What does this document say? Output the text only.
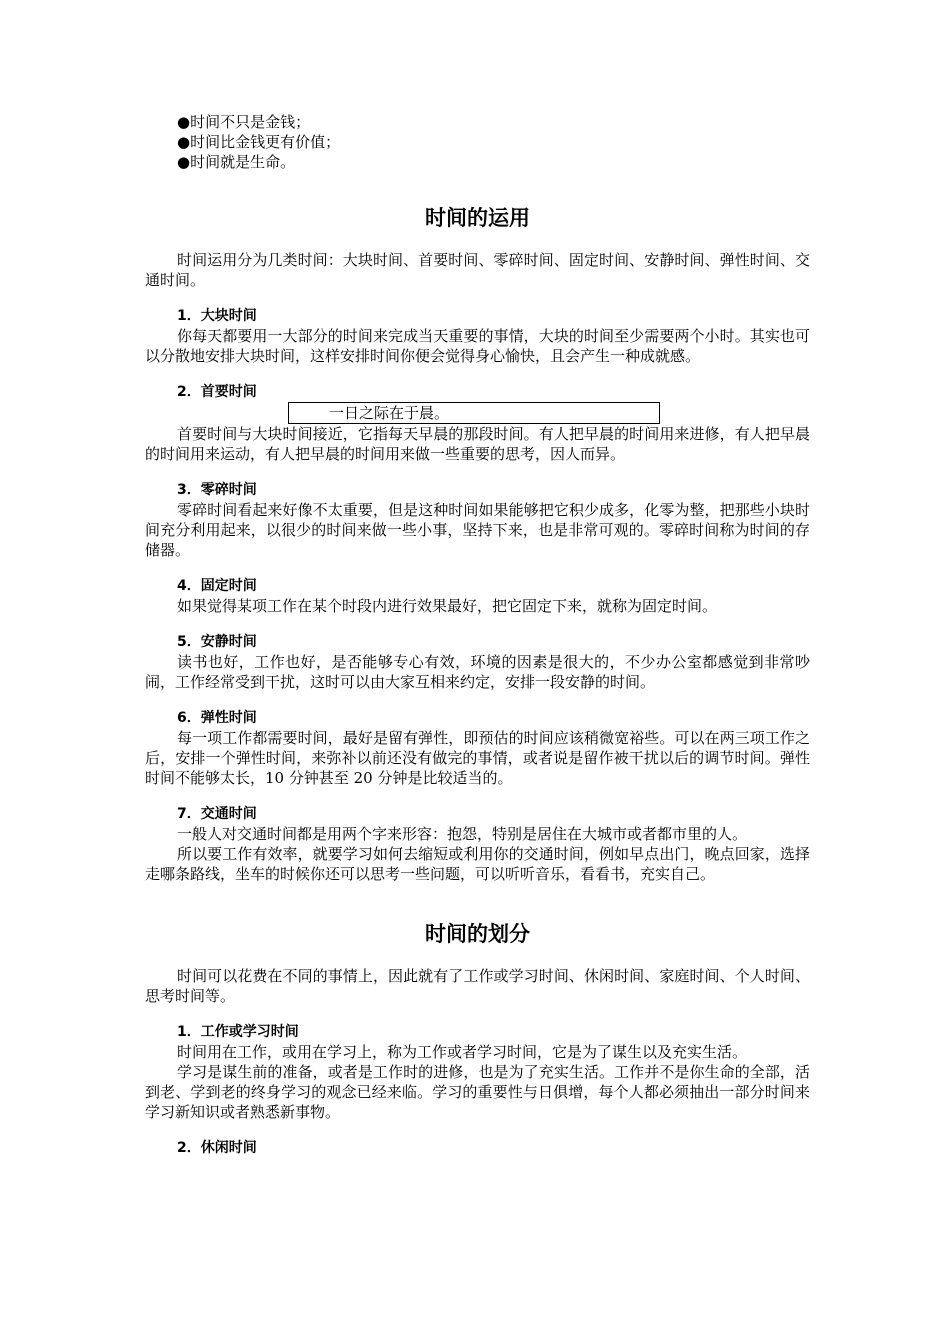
●时间不只是金钱；

●时间比金钱更有价值；

●时间就是生命。

时间的运用

时间运用分为几类时间：大块时间、首要时间、零碎时间、固定时间、安静时间、弹性时间、交通时间。

1．大块时间

你每天都要用一大部分的时间来完成当天重要的事情，大块的时间至少需要两个小时。其实也可以分散地安排大块时间，这样安排时间你便会觉得身心愉快，且会产生一种成就感。

2．首要时间
一日之际在于晨。

首要时间与大块时间接近，它指每天早晨的那段时间。有人把早晨的时间用来进修，有人把早晨的时间用来运动，有人把早晨的时间用来做一些重要的思考，因人而异。

3．零碎时间

零碎时间看起来好像不太重要，但是这种时间如果能够把它积少成多，化零为整，把那些小块时间充分利用起来，以很少的时间来做一些小事，坚持下来，也是非常可观的。零碎时间称为时间的存储器。

4．固定时间

如果觉得某项工作在某个时段内进行效果最好，把它固定下来，就称为固定时间。

5．安静时间

读书也好，工作也好，是否能够专心有效，环境的因素是很大的，不少办公室都感觉到非常吵闹，工作经常受到干扰，这时可以由大家互相来约定，安排一段安静的时间。

6．弹性时间

每一项工作都需要时间，最好是留有弹性，即预估的时间应该稍微宽裕些。可以在两三项工作之后，安排一个弹性时间，来弥补以前还没有做完的事情，或者说是留作被干扰以后的调节时间。弹性时间不能够太长，10 分钟甚至 20 分钟是比较适当的。

7．交通时间

一般人对交通时间都是用两个字来形容：抱怨，特别是居住在大城市或者都市里的人。

所以要工作有效率，就要学习如何去缩短或利用你的交通时间，例如早点出门，晚点回家，选择走哪条路线，坐车的时候你还可以思考一些问题，可以听听音乐，看看书，充实自己。

时间的划分

时间可以花费在不同的事情上，因此就有了工作或学习时间、休闲时间、家庭时间、个人时间、思考时间等。

1．工作或学习时间

时间用在工作，或用在学习上，称为工作或者学习时间，它是为了谋生以及充实生活。

学习是谋生前的准备，或者是工作时的进修，也是为了充实生活。工作并不是你生命的全部，活到老、学到老的终身学习的观念已经来临。学习的重要性与日俱增，每个人都必须抽出一部分时间来学习新知识或者熟悉新事物。

2．休闲时间
